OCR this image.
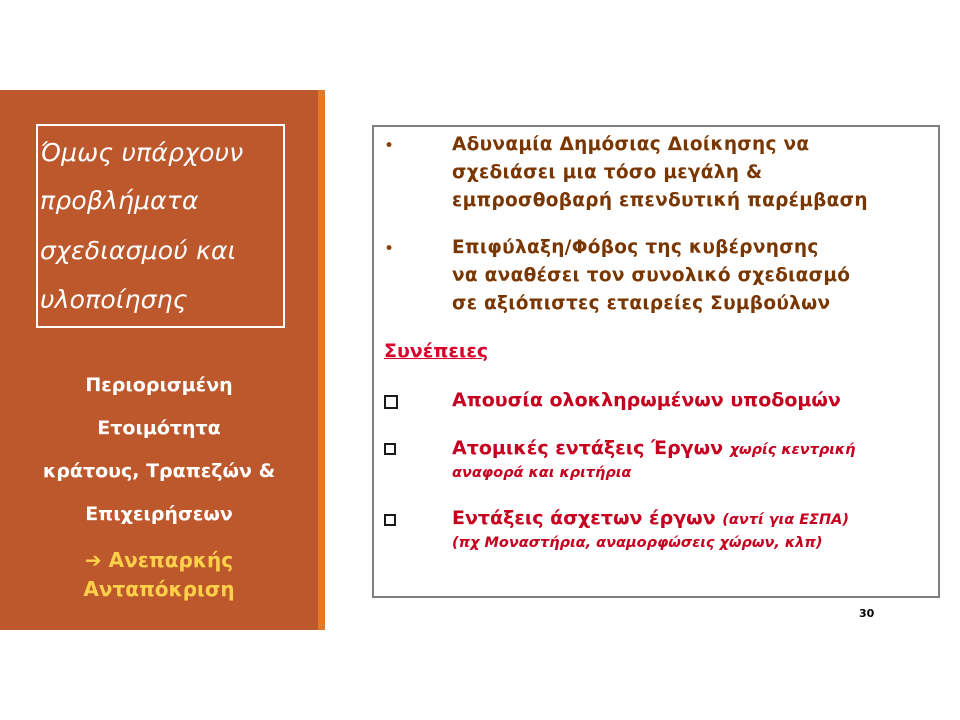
Όμως υπάρχουν
προβλήματα
σχεδιασμού και
υλοποίησης
Περιορισμένη
Ετοιμότητα
κράτους, Τραπεζών &
Επιχειρήσεων
➔ Ανεπαρκής
Ανταπόκριση
•	Αδυναμία Δημόσιας Διοίκησης να
σχεδιάσει μια τόσο μεγάλη &
εμπροσθοβαρή επενδυτική παρέμβαση
•	Επιφύλαξη/Φόβος της κυβέρνησης
να αναθέσει τον συνολικό σχεδιασμό
σε αξιόπιστες εταιρείες Συμβούλων
Συνέπειες
Απουσία ολοκληρωμένων υποδομών
Ατομικές εντάξεις Έργων χωρίς κεντρική
αναφορά και κριτήρια
Εντάξεις άσχετων έργων (αντί για ΕΣΠΑ)
(πχ Μοναστήρια, αναμορφώσεις χώρων, κλπ)
30
